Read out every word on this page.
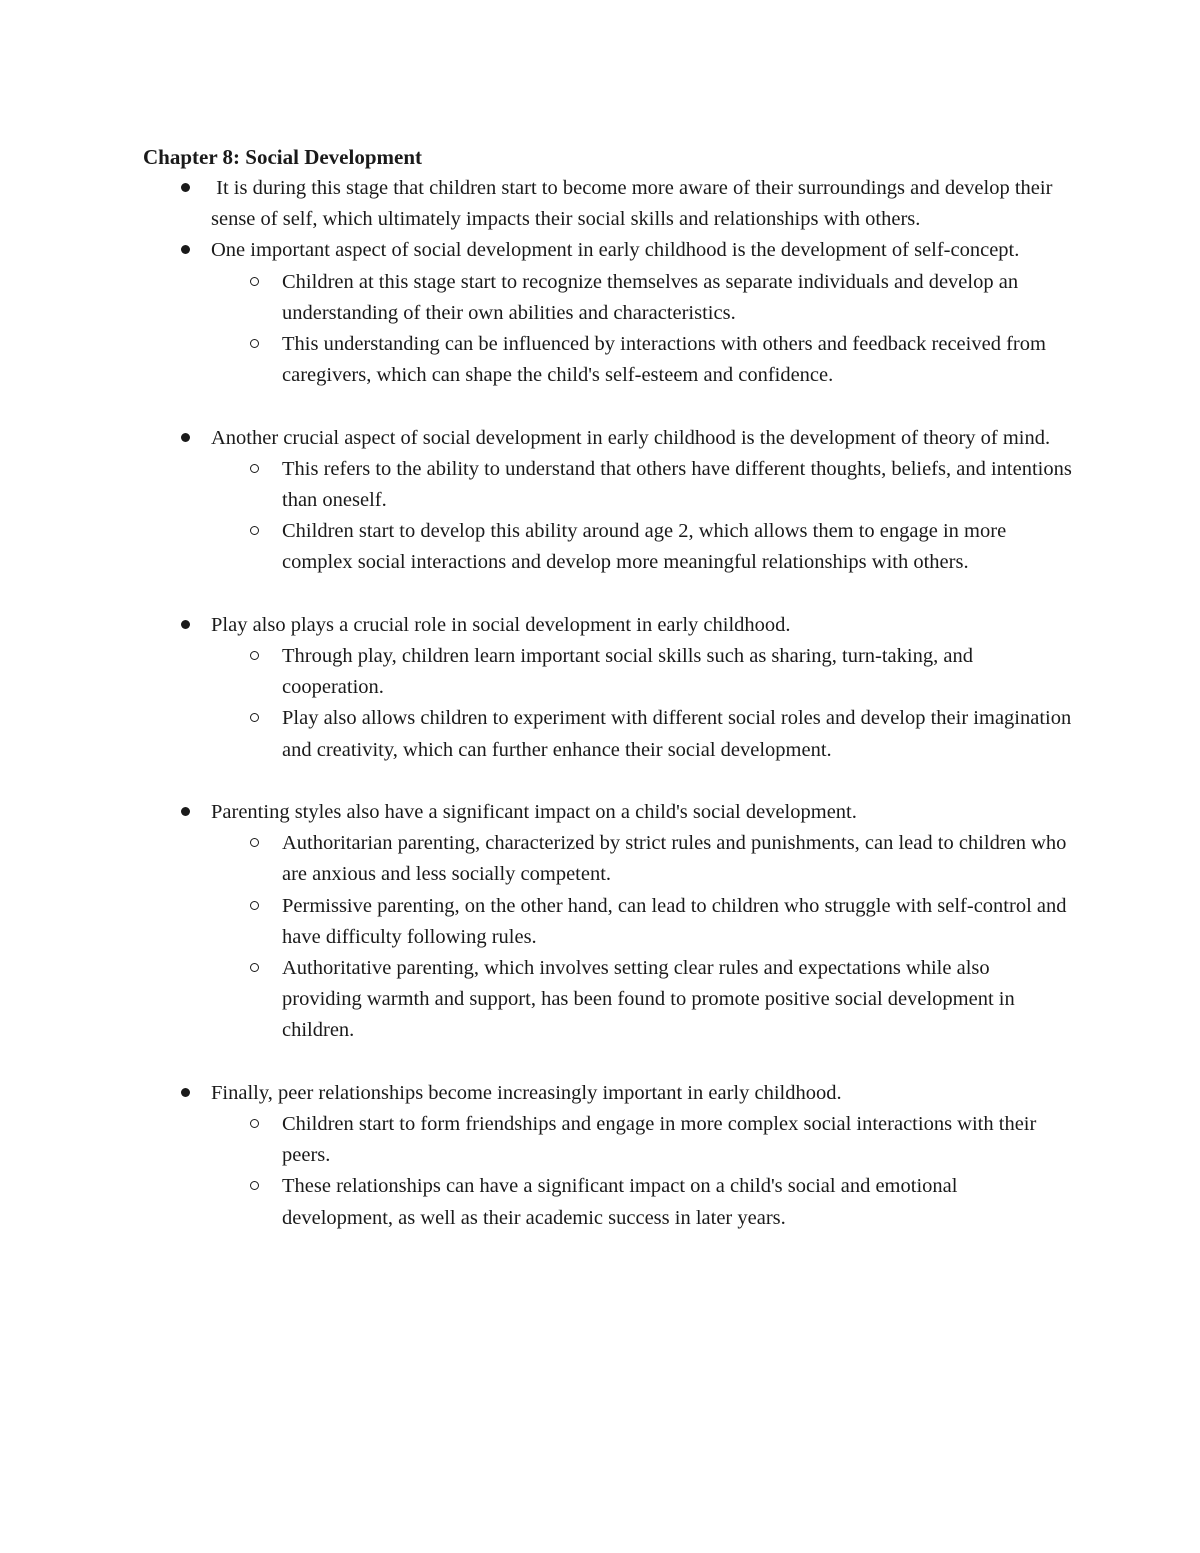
Chapter 8: Social Development
It is during this stage that children start to become more aware of their surroundings and develop their sense of self, which ultimately impacts their social skills and relationships with others.
One important aspect of social development in early childhood is the development of self-concept.
Children at this stage start to recognize themselves as separate individuals and develop an understanding of their own abilities and characteristics.
This understanding can be influenced by interactions with others and feedback received from caregivers, which can shape the child's self-esteem and confidence.
Another crucial aspect of social development in early childhood is the development of theory of mind.
This refers to the ability to understand that others have different thoughts, beliefs, and intentions than oneself.
Children start to develop this ability around age 2, which allows them to engage in more complex social interactions and develop more meaningful relationships with others.
Play also plays a crucial role in social development in early childhood.
Through play, children learn important social skills such as sharing, turn-taking, and cooperation.
Play also allows children to experiment with different social roles and develop their imagination and creativity, which can further enhance their social development.
Parenting styles also have a significant impact on a child's social development.
Authoritarian parenting, characterized by strict rules and punishments, can lead to children who are anxious and less socially competent.
Permissive parenting, on the other hand, can lead to children who struggle with self-control and have difficulty following rules.
Authoritative parenting, which involves setting clear rules and expectations while also providing warmth and support, has been found to promote positive social development in children.
Finally, peer relationships become increasingly important in early childhood.
Children start to form friendships and engage in more complex social interactions with their peers.
These relationships can have a significant impact on a child's social and emotional development, as well as their academic success in later years.
